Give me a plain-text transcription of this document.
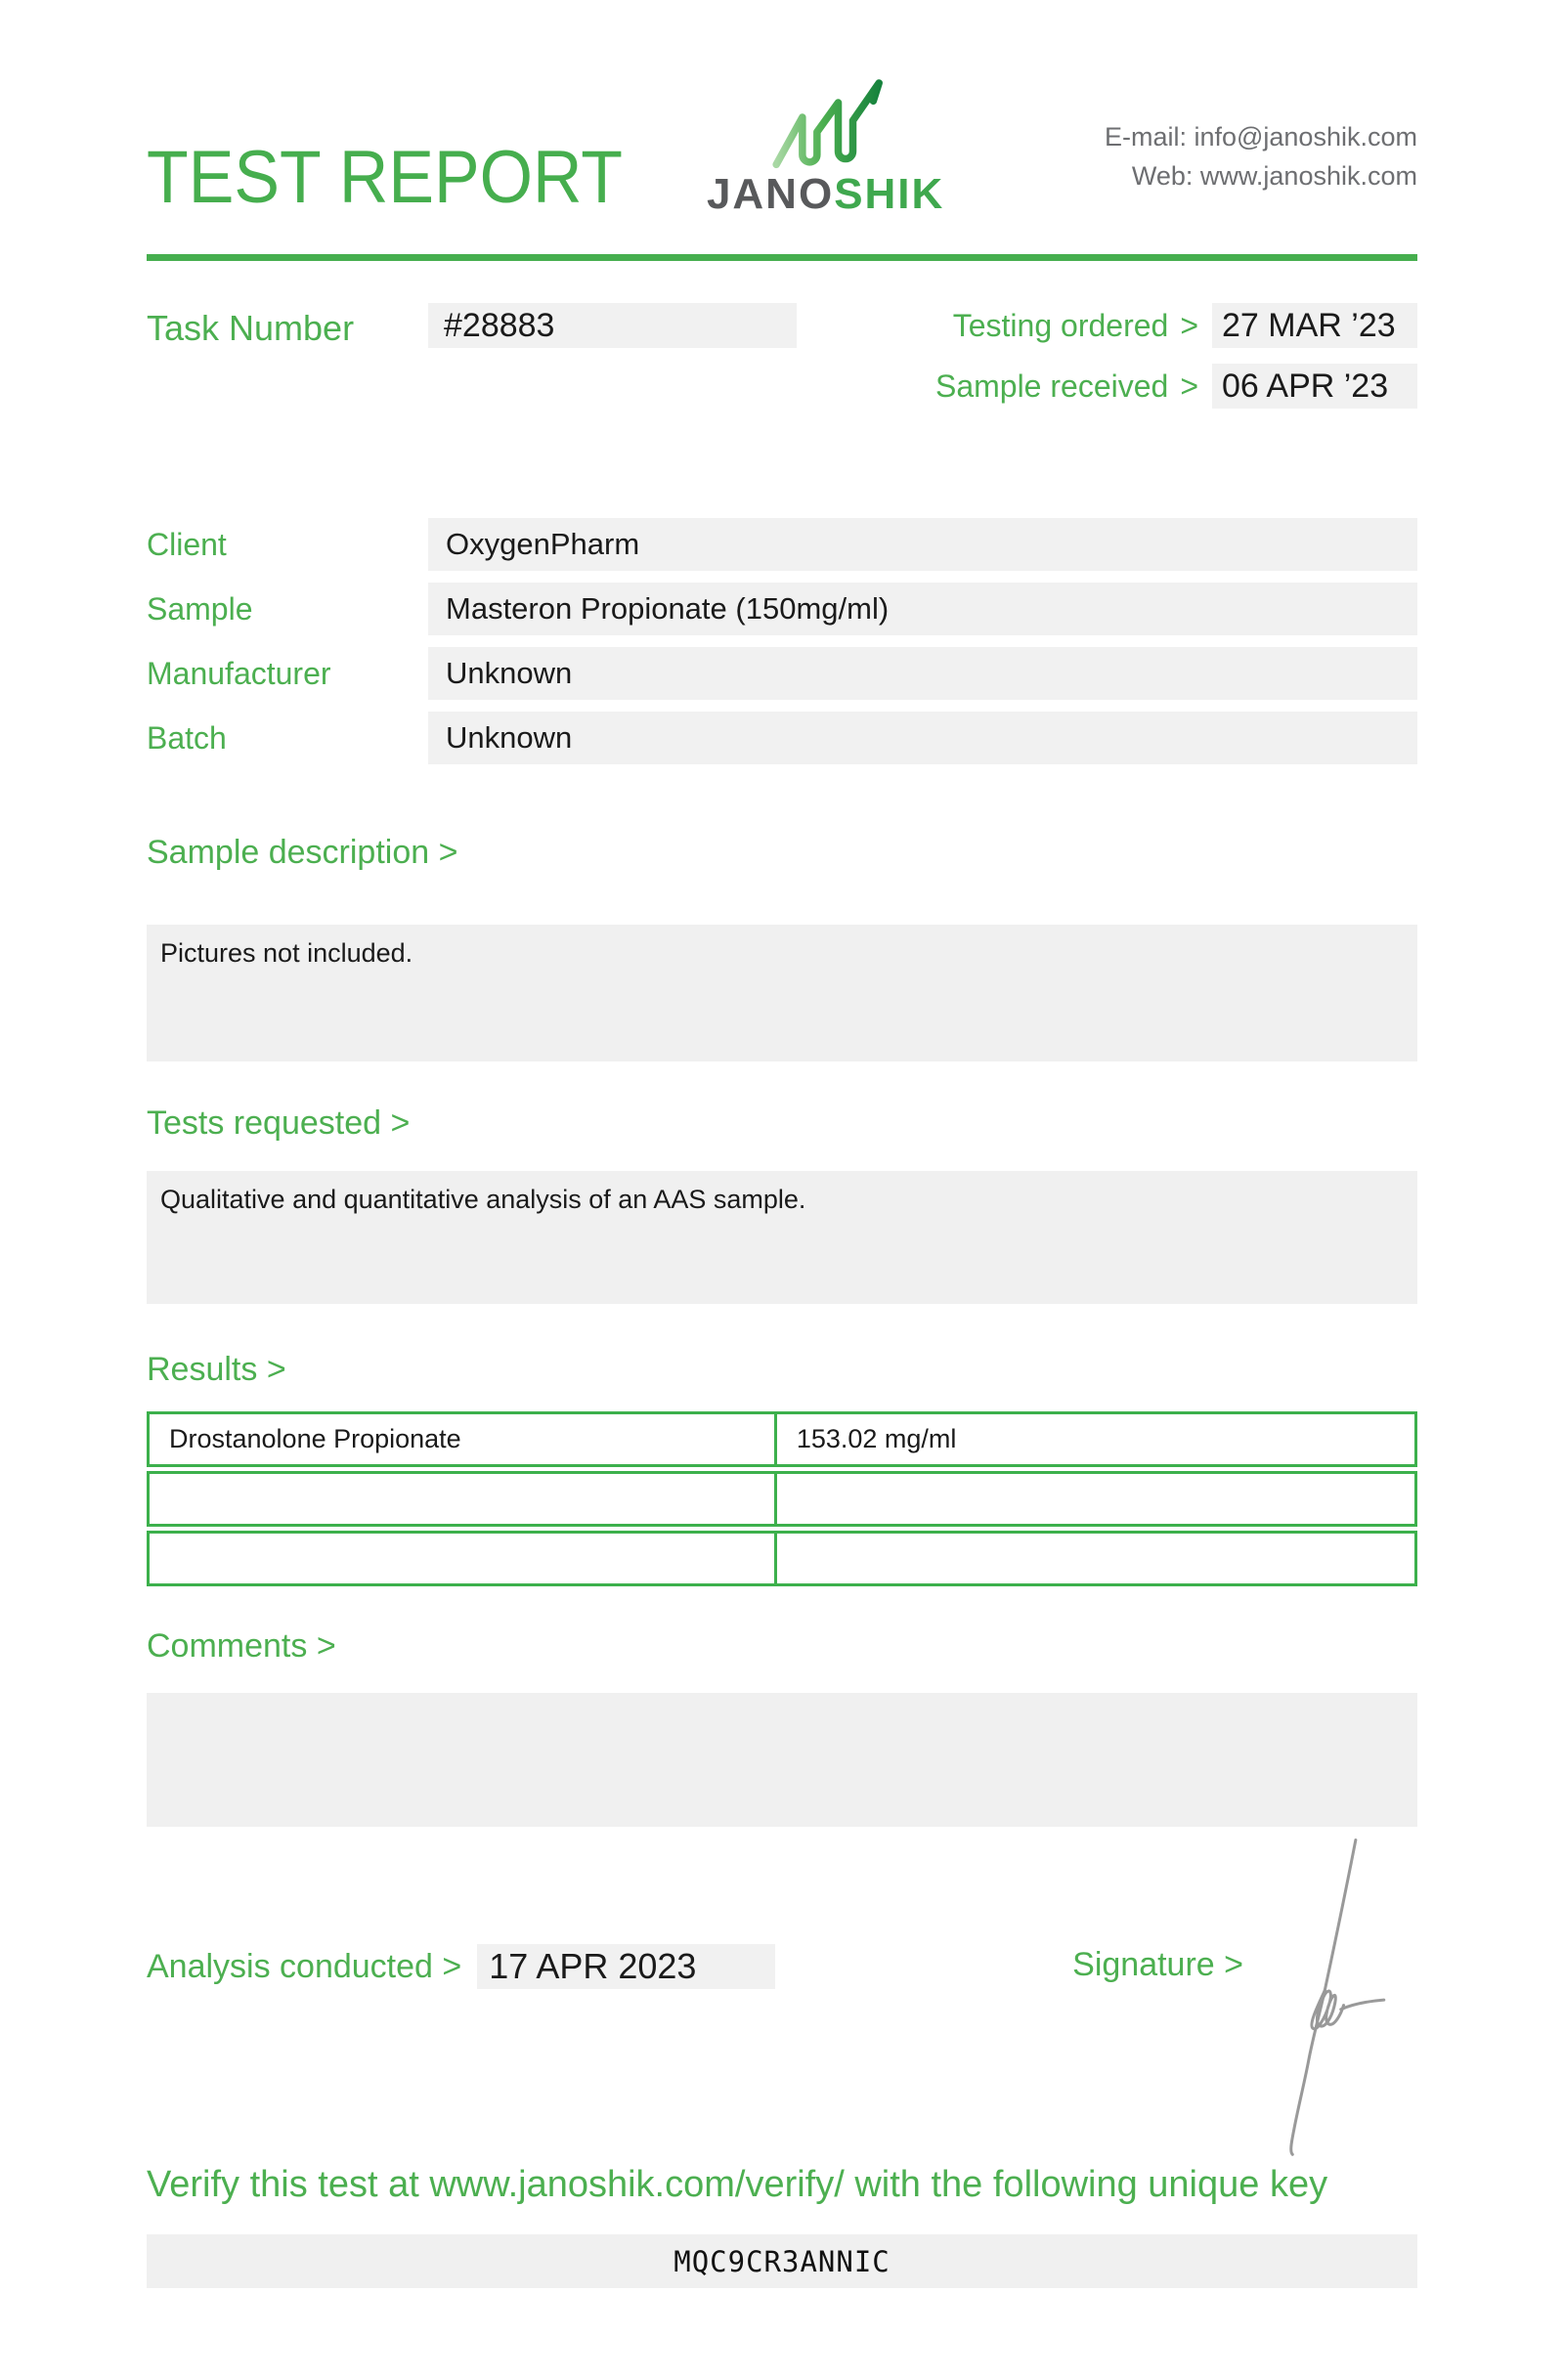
TEST REPORT JANOSHIK
E-mail: info@janoshik.com
Web: www.janoshik.com
Task Number	#28883	Testing ordered > 27 MAR ’23
Sample received > 06 APR ’23
Client	OxygenPharm
Sample	Masteron Propionate (150mg/ml)
Manufacturer	Unknown
Batch	Unknown
Sample description >
Pictures not included.
Tests requested >
Qualitative and quantitative analysis of an AAS sample.
Results >
Drostanolone Propionate	153.02 mg/ml
Comments >
Analysis conducted > 17 APR 2023	Signature >
Verify this test at www.janoshik.com/verify/ with the following unique key
MQC9CR3ANNIC
